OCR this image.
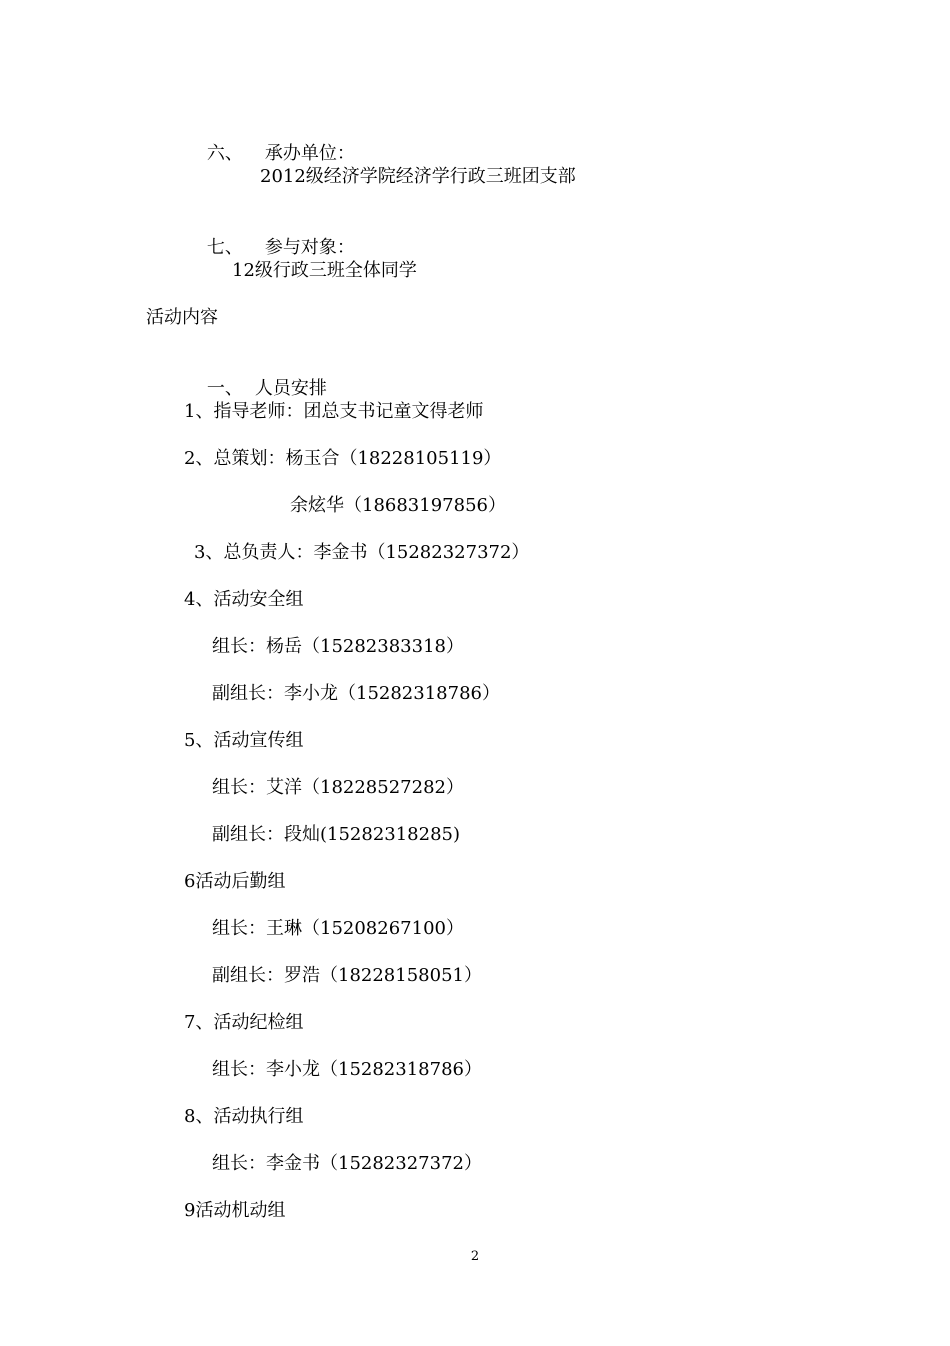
六、 承办单位：

2012级经济学院经济学行政三班团支部

七、 参与对象：

12级行政三班全体同学
活动内容

一、 人员安排

1、指导老师：团总支书记童文得老师
2、总策划：杨玉合（18228105119）
余炫华（18683197856）
3、总负责人：李金书（15282327372）
4、活动安全组
组长：杨岳（15282383318）
副组长：李小龙（15282318786）
5、活动宣传组
组长：艾洋（18228527282）
副组长：段灿(15282318285)
6活动后勤组
组长：王琳（15208267100）
副组长：罗浩（18228158051）
7、活动纪检组
组长：李小龙（15282318786）
8、活动执行组
组长：李金书（15282327372）
9活动机动组
2
